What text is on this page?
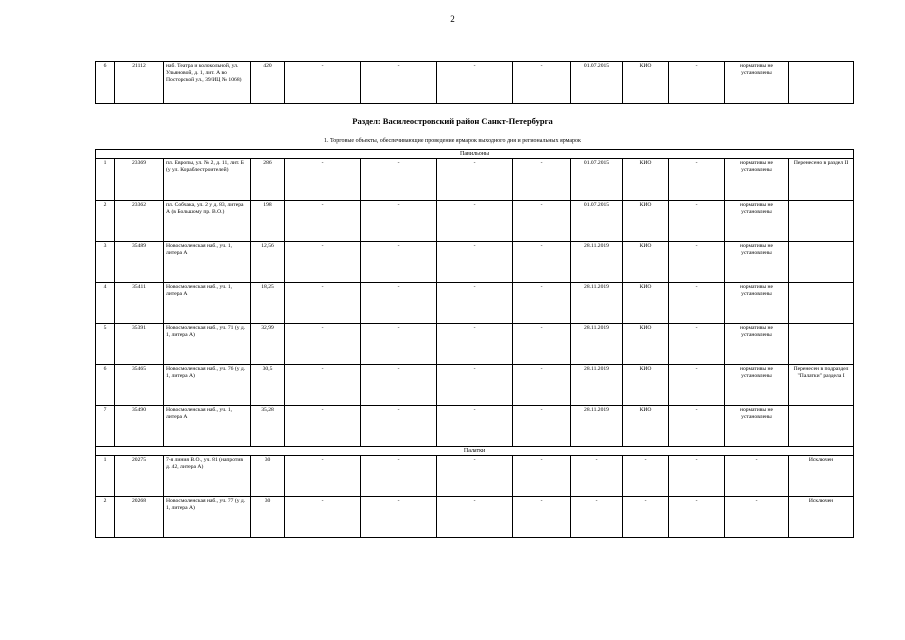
2
6	21112	наб. Театра и колокольной, ул. Ульяновой, д. 1, лит. А во Посторской ул., 39/ИЦ № 1068)	420	-	-	-	-	01.07.2015	КИО	-	нормативы не установлены	
Раздел: Василеостровский район Санкт-Петербурга
1. Торговые объекты, обеспечивающие проведение ярмарок выходного дня и региональных ярмарок
Павильоны												
1	23369	пл. Европы, ул. № 2, д. 11, лит. Б (у ул. Кораблестроителей)	286	-	-	-	-	01.07.2015	КИО	-	нормативы не установлены	Перенесено в раздел II
2	23362	пл. Собчака, ул. 2 у д. 83, литера А (в Большому пр. В.О.)	198	-	-	-	-	01.07.2015	КИО	-	нормативы не установлены	
3	35489	Новосмоленская наб., уч. 1, литера А	12,56	-	-	-	-	28.11.2019	КИО	-	нормативы не установлены	
4	35411	Новосмоленская наб., уч. 1, литера А	18,25	-	-	-	-	28.11.2019	КИО	-	нормативы не установлены	
5	35391	Новосмоленская наб., уч. 71 (у д. 1, литера А)	32,99	-	-	-	-	28.11.2019	КИО	-	нормативы не установлены	
6	35465	Новосмоленская наб., уч. 76 (у д. 1, литера А)	30,5	-	-	-	-	28.11.2019	КИО	-	нормативы не установлены	Перенесен в подраздел "Палатки" раздела I
7	35490	Новосмоленская наб., уч. 1, литера А	35,28	-	-	-	-	28.11.2019	КИО	-	нормативы не установлены	
Палатки												
1	20275	7-я линия В.О., уч. 81 (напротив д. 42, литера А)	30	-	-	-	-	-	-	-	-	Исключен
2	20268	Новосмоленская наб., уч. 77 (у д. 1, литера А)	30	-	-	-	-	-	-	-	-	Исключен
